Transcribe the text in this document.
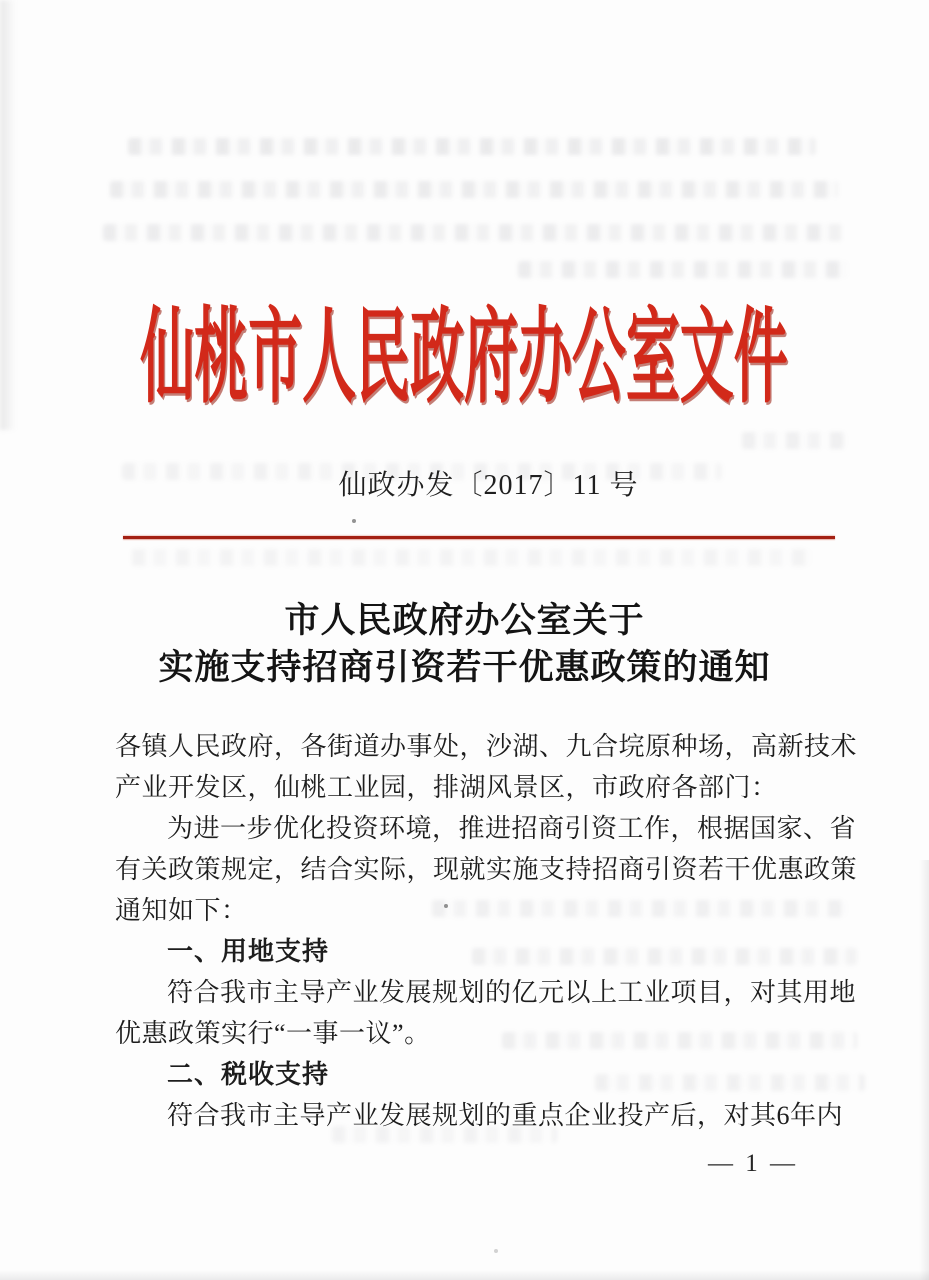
仙桃市人民政府办公室文件
仙政办发〔2017〕11 号
市人民政府办公室关于
实施支持招商引资若干优惠政策的通知
各镇人民政府，各街道办事处，沙湖、九合垸原种场，高新技术
产业开发区，仙桃工业园，排湖风景区，市政府各部门：
为进一步优化投资环境，推进招商引资工作，根据国家、省
有关政策规定，结合实际，现就实施支持招商引资若干优惠政策
通知如下：
一、用地支持
符合我市主导产业发展规划的亿元以上工业项目，对其用地
优惠政策实行“一事一议”。
二、税收支持
符合我市主导产业发展规划的重点企业投产后，对其6年内
— 1 —
